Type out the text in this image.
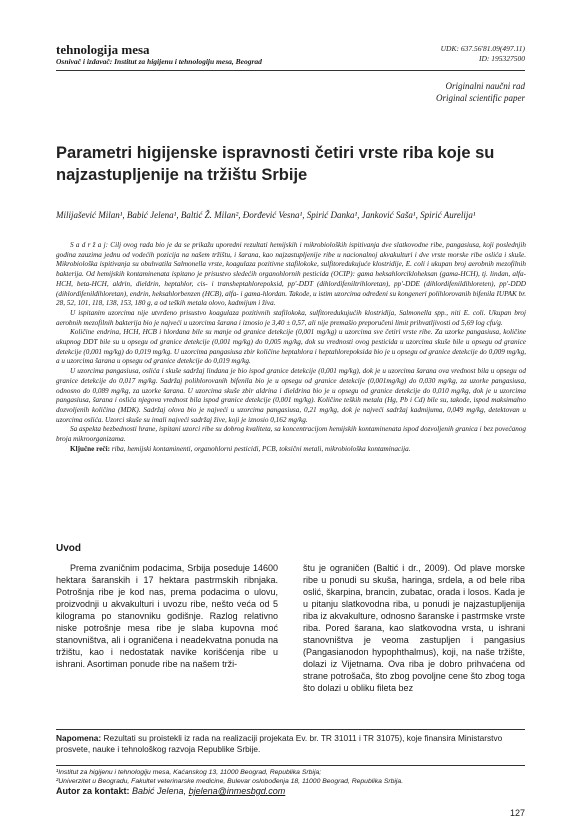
tehnologija mesa
Osnivač i izdavač: Institut za higijenu i tehnologiju mesa, Beograd
UDK: 637.56'81.09(497.11)
ID: 195327500
Originalni naučni rad
Original scientific paper
Parametri higijenske ispravnosti četiri vrste riba koje su najzastupljenije na tržištu Srbije
Milijašević Milan¹, Babić Jelena¹, Baltić Ž. Milan², Đorđević Vesna¹, Spirić Danka¹, Janković Saša¹, Spirić Aurelija¹

S a d r ž a j: Cilj ovog rada bio je da se prikažu uporedni rezultati hemijskih i mikrobioloških ispitivanja dve slatkovodne ribe, pangasiusa, koji poslednjih godina zauzima jednu od vodećih pozicija na našem tržištu, i šarana, kao najzastupljenije ribe u nacionalnoj akvakulturi i dve vrste morske ribe oslića i skuše. Mikrobiološka ispitivanja su obuhvatila Salmonella vrste, koagulaza pozitivne stafilokoke, sulfitoredukujuće klostridije, E. coli i ukupan broj aerobnih mezofilnih bakterija. Od hemijskih kontaminenata ispitano je prisustvo sledećih organohlornih pesticida (OCIP): gama heksahlorcikloheksan (gama-HCH), tj. lindan, alfa- HCH, beta-HCH, aldrin, dieldrin, heptahlor, cis- i transheptahlorepoksid, pp'-DDT (dihlordifeniltrihloretan), pp'-DDE (dihlordifenildihloreten), pp'-DDD (dihlordifenildihloretan), endrin, heksahlorbenzen (HCB), alfa- i gama-hlordan. Takođe, u istim uzorcima određeni su kongeneri polihlorovanih bifenila IUPAK br. 28, 52, 101, 118, 138, 153, 180 g, a od teških metala olovo, kadmijum i živa.

U ispitanim uzorcima nije utvrđeno prisustvo koagulaza pozitivnih stafilokoka, sulfitoredukujućih klostridija, Salmonella spp., niti E. coli. Ukupan broj aerobnih mezofilnih bakterija bio je najveći u uzorcima šarana i iznosio je 3,40 ± 0,57, ali nije premašio preporučeni limit prihvatljivosti od 5,69 log cfu/g.

Količine endrina, HCH, HCB i hlordana bile su manje od granice detekcije (0,001 mg/kg) u uzorcima sve četiri vrste ribe. Za uzorke pangasiusa, količine ukupnog DDT bile su u opsegu od granice detekcije (0,001 mg/kg) do 0,005 mg/kg, dok su vrednosti ovog pesticida u uzorcima skuše bile u opsegu od granice detekcije (0,001 mg/kg) do 0,019 mg/kg. U uzorcima pangasiusa zbir količine heptahlora i heptahlorepoksida bio je u opsegu od granice detekcije do 0,009 mg/kg, a u uzorcima šarana u opsegu od granice detekcije do 0,019 mg/kg.

U uzorcima pangasiusa, oslića i skuše sadržaj lindana je bio ispod granice detekcije (0,001 mg/kg), dok je u uzorcima šarana ova vrednost bila u opsegu od granice detekcije do 0,017 mg/kg. Sadržaj polihlorovanih bifenila bio je u opsegu od granice detekcije (0,001mg/kg) do 0,030 mg/kg, za uzorke pangasiusa, odnosno do 0,089 mg/kg, za uzorke šarana. U uzorcima skuše zbir aldrina i dieldrina bio je u opsegu od granice detekcije do 0,010 mg/kg, dok je u uzorcima pangasiusa, šarana i oslića njegova vrednost bila ispod granice detekcije (0,001 mg/kg). Količine teških metala (Hg, Pb i Cd) bile su, takođe, ispod maksimalno dozvoljenih količina (MDK). Sadržaj olova bio je najveći u uzorcima pangasiusa, 0,21 mg/kg, dok je najveći sadržaj kadmijuma, 0,049 mg/kg, detektovan u uzorcima oslića. Uzorci skuše su imali najveći sadržaj žive, koji je iznosio 0,162 mg/kg.

Sa aspekta bezbednosti hrane, ispitani uzorci ribe su dobrog kvaliteta, sa koncentracijom hemijskih kontaminenata ispod dozvoljenih granica i bez povećanog broja mikroorganizama.

Ključne reči: riba, hemijski kontaminenti, organohlorni pesticidi, PCB, toksični metali, mikrobiološka kontaminacija.

Uvod

Prema zvaničnim podacima, Srbija poseduje 14600 hektara šaranskih i 17 hektara pastrmskih ribnjaka. Potrošnja ribe je kod nas, prema podacima o ulovu, proizvodnji u akvakulturi i uvozu ribe, nešto veća od 5 kilograma po stanovniku godišnje. Razlog relativno niske potrošnje mesa ribe je slaba kupovna moć stanovništva, ali i ograničena i neadekvatna ponuda na tržištu, kao i nedostatak navike korišćenja ribe u ishrani. Asortiman ponude ribe na našem trži-

štu je ograničen (Baltić i dr., 2009). Od plave morske ribe u ponudi su skuša, haringa, srdela, a od bele riba oslić, škarpina, brancin, zubatac, orada i losos. Kada je u pitanju slatkovodna riba, u ponudi je najzastupljenija riba iz akvakulture, odnosno šaranske i pastrmske vrste riba. Pored šarana, kao slatkovodna vrsta, u ishrani stanovništva je veoma zastupljen i pangasius (Pangasianodon hypophthalmus), koji, na naše tržište, dolazi iz Vijetnama. Ova riba je dobro prihvaćena od strane potrošača, što zbog povoljne cene što zbog toga što dolazi u obliku fileta bez

Napomena: Rezultati su proistekli iz rada na realizaciji projekata Ev. br. TR 31011 i TR 31075), koje finansira Ministarstvo prosvete, nauke i tehnološkog razvoja Republike Srbije.
¹Institut za higijenu i tehnologiju mesa, Kaćanskog 13, 11000 Beograd, Republika Srbija;
²Univerzitet u Beogradu, Fakultet veterinarske medicine, Bulevar oslobođenja 18, 11000 Beograd, Republika Srbija.
Autor za kontakt: Babić Jelena, bjelena@inmesbgd.com
127
